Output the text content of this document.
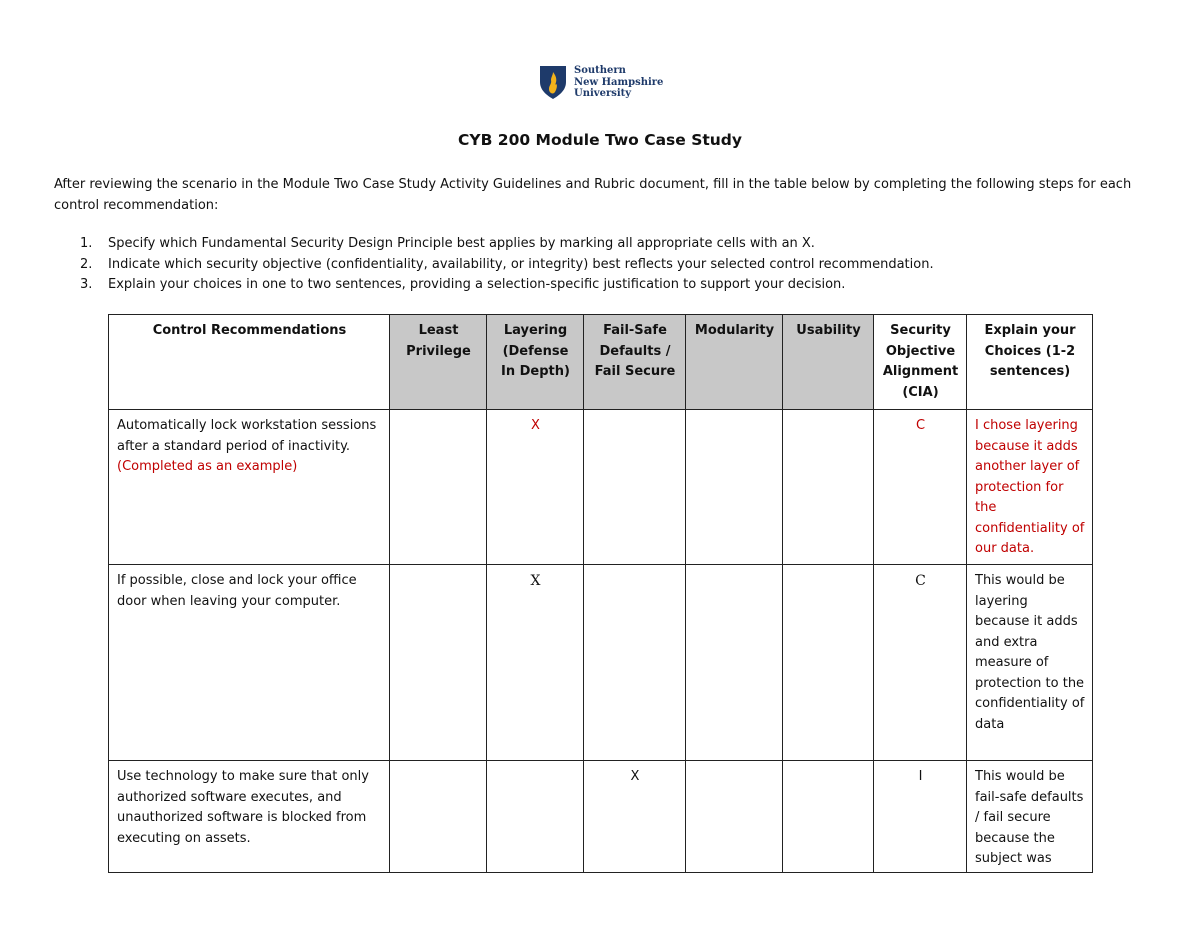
Southern
New Hampshire
University
CYB 200 Module Two Case Study
After reviewing the scenario in the Module Two Case Study Activity Guidelines and Rubric document, fill in the table below by completing the following steps for each control recommendation:
1. Specify which Fundamental Security Design Principle best applies by marking all appropriate cells with an X.
2. Indicate which security objective (confidentiality, availability, or integrity) best reflects your selected control recommendation.
3. Explain your choices in one to two sentences, providing a selection-specific justification to support your decision.
Control Recommendations	Least Privilege	Layering (Defense In Depth)	Fail-Safe Defaults / Fail Secure	Modularity	Usability	Security Objective Alignment (CIA)	Explain your Choices (1-2 sentences)
Automatically lock workstation sessions after a standard period of inactivity. (Completed as an example)		X				C	I chose layering because it adds another layer of protection for the confidentiality of our data.
If possible, close and lock your office door when leaving your computer.		X				C	This would be layering because it adds and extra measure of protection to the confidentiality of data
Use technology to make sure that only authorized software executes, and unauthorized software is blocked from executing on assets.			X			I	This would be fail-safe defaults / fail secure because the subject was
